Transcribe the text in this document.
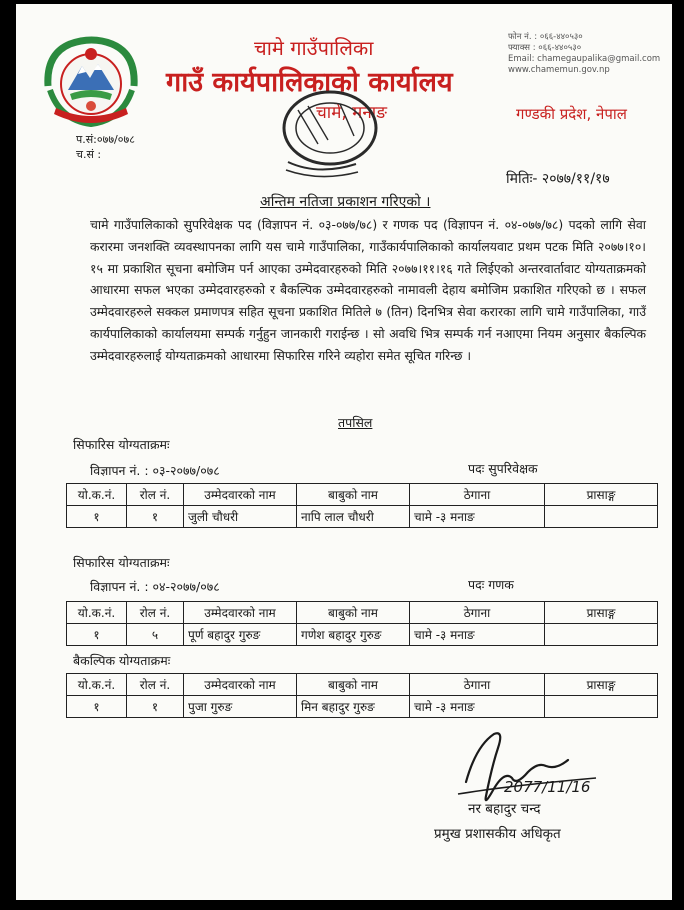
चामे गाउँपालिका
गाउँ कार्यपालिकाको कार्यालय
चामे, मनाङ
फोन नं. : ०६६-४४०५३०
फ्याक्स : ०६६-४४०५३०
Email: chamegaupalika@gmail.com
www.chamemun.gov.np
गण्डकी प्रदेश, नेपाल
प.सं:०७७/०७८
च.सं :
मितिः- २०७७/११/१७
अन्तिम नतिजा प्रकाशन गरिएको ।
चामे गाउँपालिकाको सुपरिवेक्षक पद (विज्ञापन नं. ०३-०७७/७८) र गणक पद (विज्ञापन नं. ०४-०७७/७८) पदको लागि सेवा करारमा जनशक्ति व्यवस्थापनका लागि यस चामे गाउँपालिका, गाउँकार्यपालिकाको कार्यालयवाट प्रथम पटक मिति २०७७।१०।१५ मा प्रकाशित सूचना बमोजिम पर्न आएका उम्मेदवारहरुको मिति २०७७।११।१६ गते लिईएको अन्तरवार्तावाट योग्यताक्रमको आधारमा सफल भएका उम्मेदवारहरुको र बैकल्पिक उम्मेदवारहरुको नामावली देहाय बमोजिम प्रकाशित गरिएको छ । सफल उम्मेदवारहरुले सक्कल प्रमाणपत्र सहित सूचना प्रकाशित मितिले ७ (तिन) दिनभित्र सेवा करारका लागि चामे गाउँपालिका, गाउँ कार्यपालिकाको कार्यालयमा सम्पर्क गर्नुहुन जानकारी गराईन्छ । सो अवधि भित्र सम्पर्क गर्न नआएमा नियम अनुसार बैकल्पिक उम्मेदवारहरुलाई योग्यताक्रमको आधारमा सिफारिस गरिने व्यहोरा समेत सूचित गरिन्छ ।
तपसिल
सिफारिस योग्यताक्रमः
विज्ञापन नं. : ०३-२०७७/०७८	पदः सुपरिवेक्षक
यो.क.नं.	रोल नं.	उम्मेदवारको नाम	बाबुको नाम	ठेगाना	प्रासाङ्ग
१	१	जुली चौधरी	नापि लाल चौधरी	चामे -३ मनाङ	
सिफारिस योग्यताक्रमः
विज्ञापन नं. : ०४-२०७७/०७८	पदः गणक
यो.क.नं.	रोल नं.	उम्मेदवारको नाम	बाबुको नाम	ठेगाना	प्रासाङ्ग
१	५	पूर्ण बहादुर गुरुङ	गणेश बहादुर गुरुङ	चामे -३ मनाङ	
बैकल्पिक योग्यताक्रमः
यो.क.नं.	रोल नं.	उम्मेदवारको नाम	बाबुको नाम	ठेगाना	प्रासाङ्ग
१	१	पुजा गुरुङ	मिन बहादुर गुरुङ	चामे -३ मनाङ	
2077/11/16
नर बहादुर चन्द
प्रमुख प्रशासकीय अधिकृत
